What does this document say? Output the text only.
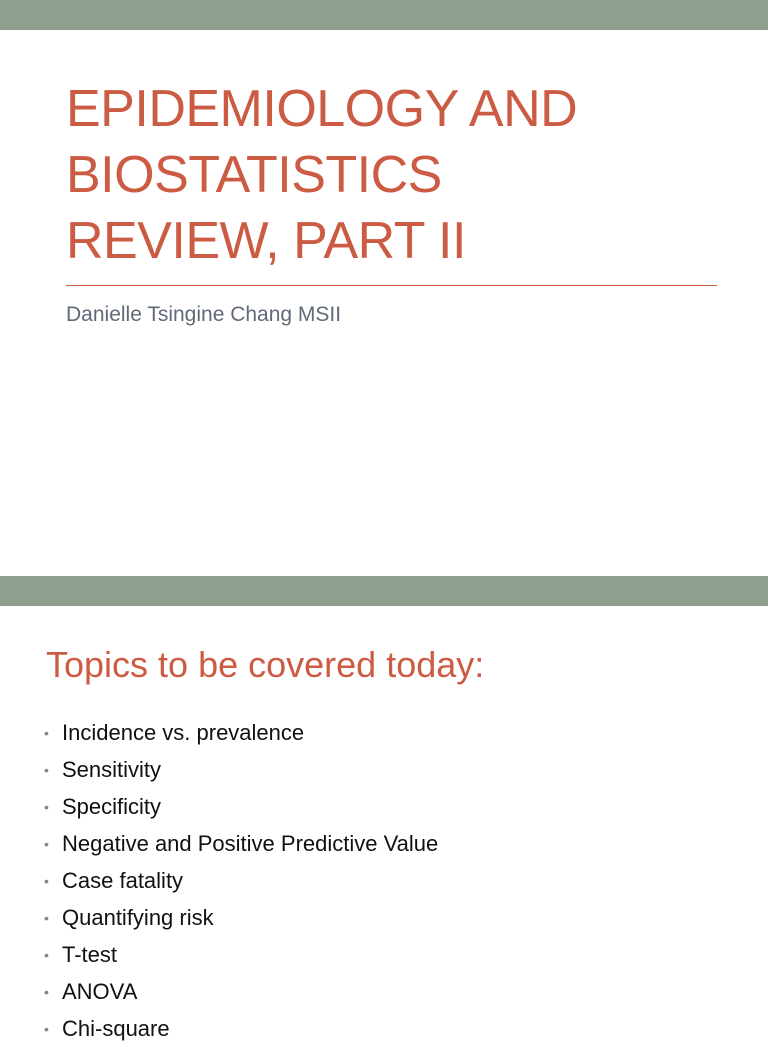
EPIDEMIOLOGY AND
BIOSTATISTICS
REVIEW, PART II
Danielle Tsingine Chang MSII
Topics to be covered today:
• Incidence vs. prevalence
• Sensitivity
• Specificity
• Negative and Positive Predictive Value
• Case fatality
• Quantifying risk
• T-test
• ANOVA
• Chi-square
